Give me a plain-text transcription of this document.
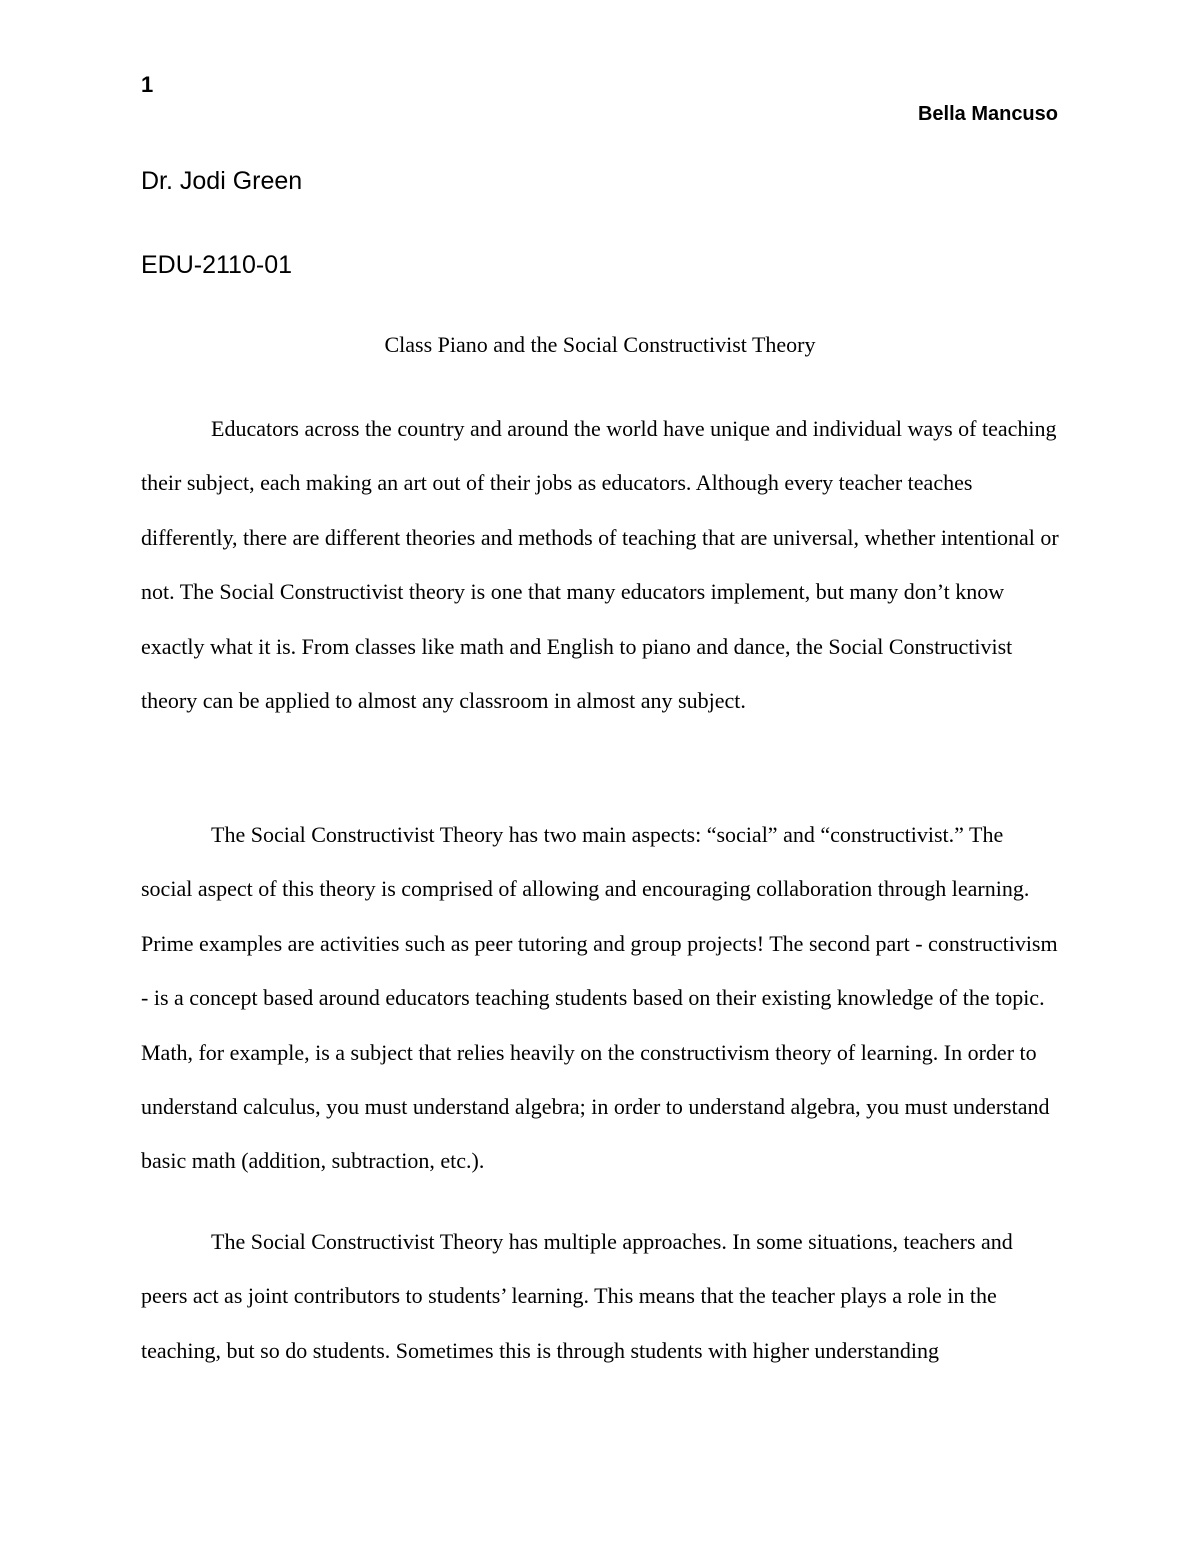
1
Bella Mancuso
Dr. Jodi Green
EDU-2110-01
Class Piano and the Social Constructivist Theory

Educators across the country and around the world have unique and individual ways of teaching their subject, each making an art out of their jobs as educators. Although every teacher teaches differently, there are different theories and methods of teaching that are universal, whether intentional or not. The Social Constructivist theory is one that many educators implement, but many don’t know exactly what it is. From classes like math and English to piano and dance, the Social Constructivist theory can be applied to almost any classroom in almost any subject.

The Social Constructivist Theory has two main aspects: “social” and “constructivist.” The social aspect of this theory is comprised of allowing and encouraging collaboration through learning. Prime examples are activities such as peer tutoring and group projects! The second part - constructivism - is a concept based around educators teaching students based on their existing knowledge of the topic. Math, for example, is a subject that relies heavily on the constructivism theory of learning. In order to understand calculus, you must understand algebra; in order to understand algebra, you must understand basic math (addition, subtraction, etc.).

The Social Constructivist Theory has multiple approaches. In some situations, teachers and peers act as joint contributors to students’ learning. This means that the teacher plays a role in the teaching, but so do students. Sometimes this is through students with higher understanding
